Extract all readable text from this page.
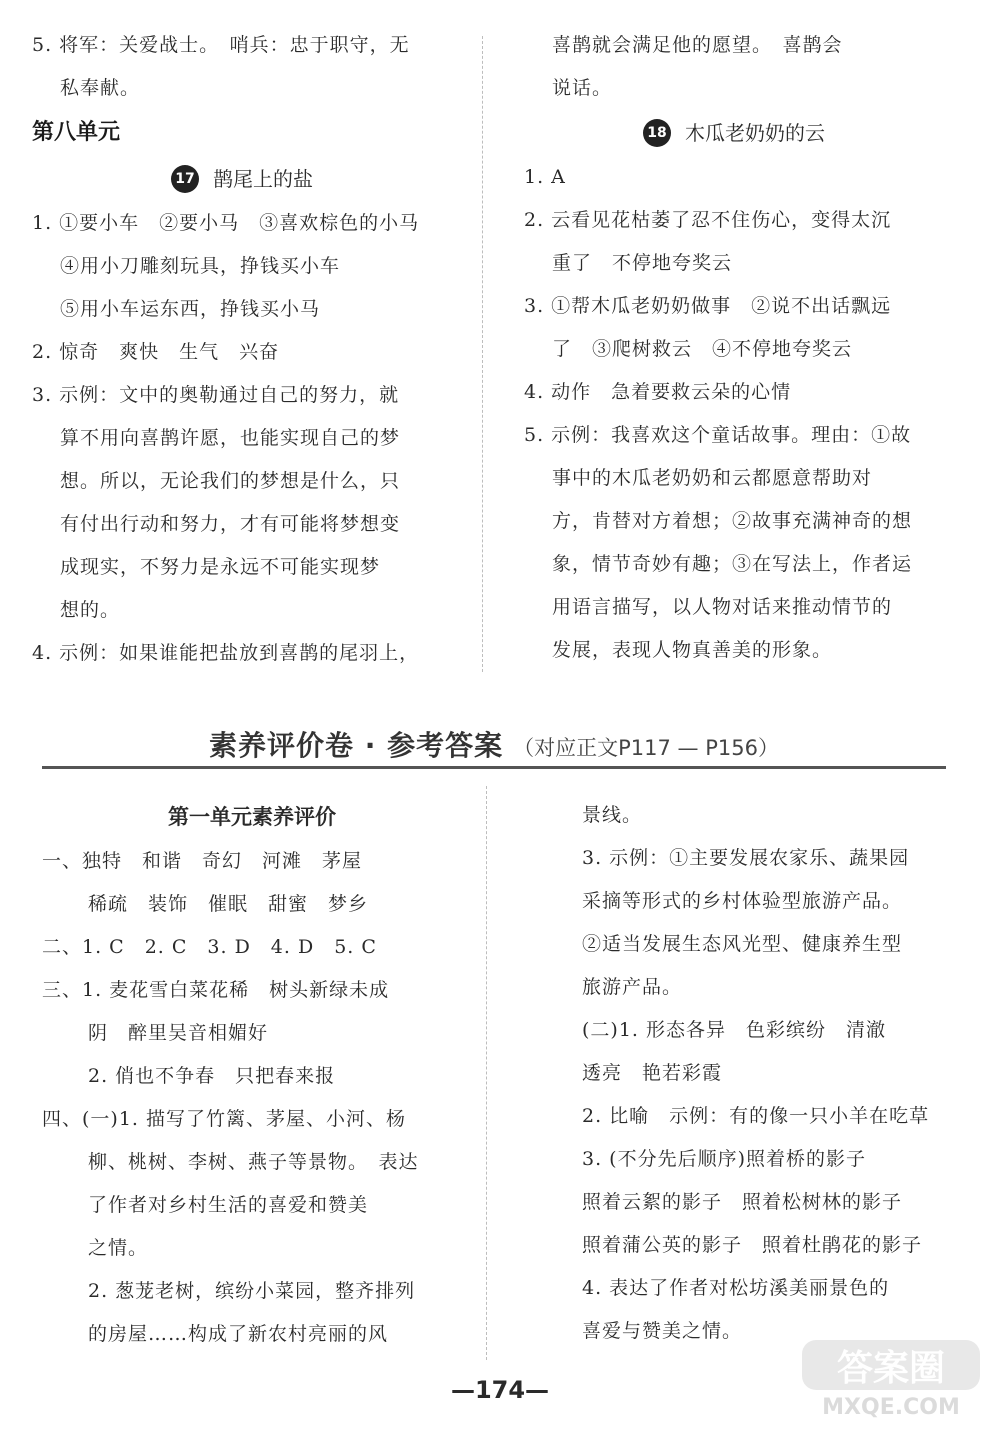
5. 将军：关爱战士。　哨兵：忠于职守，无
私奉献。
第八单元
17 鹊尾上的盐
1. ①要小车　②要小马　③喜欢棕色的小马
④用小刀雕刻玩具，挣钱买小车
⑤用小车运东西，挣钱买小马
2. 惊奇　爽快　生气　兴奋
3. 示例：文中的奥勒通过自己的努力，就
算不用向喜鹊许愿，也能实现自己的梦
想。所以，无论我们的梦想是什么，只
有付出行动和努力，才有可能将梦想变
成现实，不努力是永远不可能实现梦
想的。
4. 示例：如果谁能把盐放到喜鹊的尾羽上，
喜鹊就会满足他的愿望。　喜鹊会
说话。
18 木瓜老奶奶的云
1. A
2. 云看见花枯萎了忍不住伤心，变得太沉
重了　不停地夸奖云
3. ①帮木瓜老奶奶做事　②说不出话飘远
了　③爬树救云　④不停地夸奖云
4. 动作　急着要救云朵的心情
5. 示例：我喜欢这个童话故事。理由：①故
事中的木瓜老奶奶和云都愿意帮助对
方，肯替对方着想；②故事充满神奇的想
象，情节奇妙有趣；③在写法上，作者运
用语言描写，以人物对话来推动情节的
发展，表现人物真善美的形象。
素养评价卷 · 参考答案 （对应正文P117 — P156）
第一单元素养评价
一、独特　和谐　奇幻　河滩　茅屋
稀疏　装饰　催眠　甜蜜　梦乡
二、1. C　2. C　3. D　4. D　5. C
三、1. 麦花雪白菜花稀　树头新绿未成
阴　醉里吴音相媚好
2. 俏也不争春　只把春来报
四、(一)1. 描写了竹篱、茅屋、小河、杨
柳、桃树、李树、燕子等景物。　表达
了作者对乡村生活的喜爱和赞美
之情。
2. 葱茏老树，缤纷小菜园，整齐排列
的房屋……构成了新农村亮丽的风
景线。
3. 示例：①主要发展农家乐、蔬果园
采摘等形式的乡村体验型旅游产品。
②适当发展生态风光型、健康养生型
旅游产品。
(二)1. 形态各异　色彩缤纷　清澈
透亮　艳若彩霞
2. 比喻　示例：有的像一只小羊在吃草
3. (不分先后顺序)照着桥的影子
照着云絮的影子　照着松树林的影子
照着蒲公英的影子　照着杜鹃花的影子
4. 表达了作者对松坊溪美丽景色的
喜爱与赞美之情。
—174—
答案圈
MXQE.COM
